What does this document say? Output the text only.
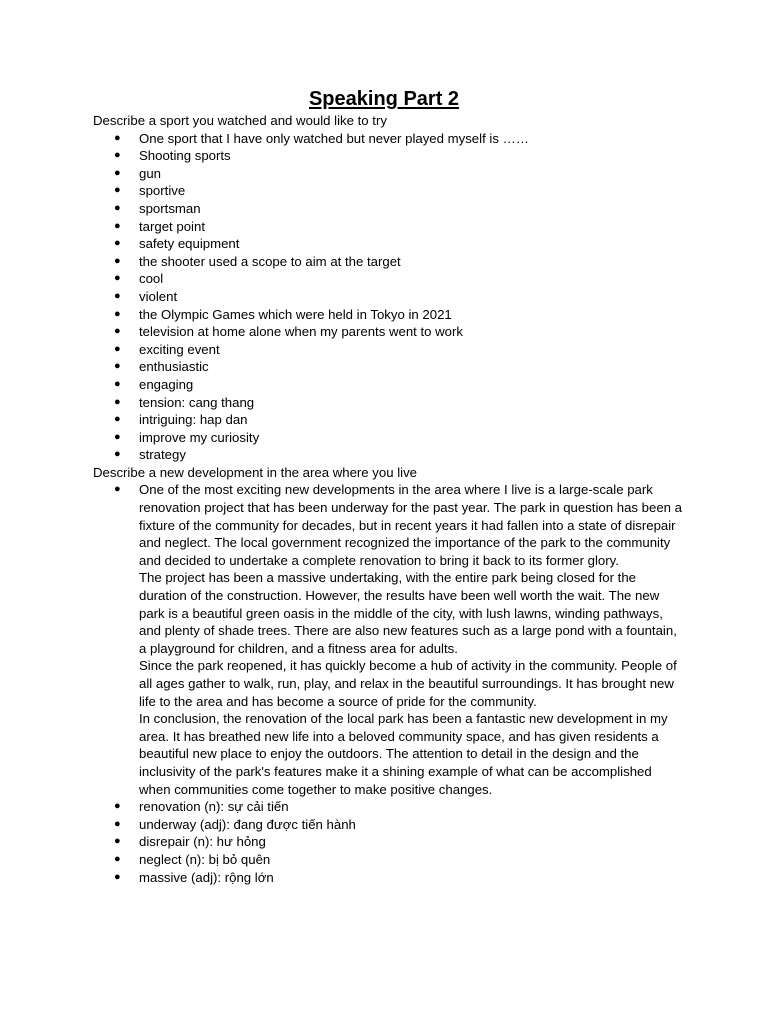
Speaking Part 2

Describe a sport you watched and would like to try

● One sport that I have only watched but never played myself is ……
● Shooting sports
● gun
● sportive
● sportsman
● target point
● safety equipment
● the shooter used a scope to aim at the target
● cool
● violent
● the Olympic Games which were held in Tokyo in 2021
● television at home alone when my parents went to work
● exciting event
● enthusiastic
● engaging
● tension: cang thang
● intriguing: hap dan
● improve my curiosity
● strategy

Describe a new development in the area where you live

● One of the most exciting new developments in the area where I live is a large-scale park renovation project that has been underway for the past year. The park in question has been a fixture of the community for decades, but in recent years it had fallen into a state of disrepair and neglect. The local government recognized the importance of the park to the community and decided to undertake a complete renovation to bring it back to its former glory.
The project has been a massive undertaking, with the entire park being closed for the duration of the construction. However, the results have been well worth the wait. The new park is a beautiful green oasis in the middle of the city, with lush lawns, winding pathways, and plenty of shade trees. There are also new features such as a large pond with a fountain, a playground for children, and a fitness area for adults.
Since the park reopened, it has quickly become a hub of activity in the community. People of all ages gather to walk, run, play, and relax in the beautiful surroundings. It has brought new life to the area and has become a source of pride for the community.
In conclusion, the renovation of the local park has been a fantastic new development in my area. It has breathed new life into a beloved community space, and has given residents a beautiful new place to enjoy the outdoors. The attention to detail in the design and the inclusivity of the park's features make it a shining example of what can be accomplished when communities come together to make positive changes.
● renovation (n): sự cải tiến
● underway (adj): đang được tiến hành
● disrepair (n): hư hỏng
● neglect (n): bị bỏ quên
● massive (adj): rộng lớn
